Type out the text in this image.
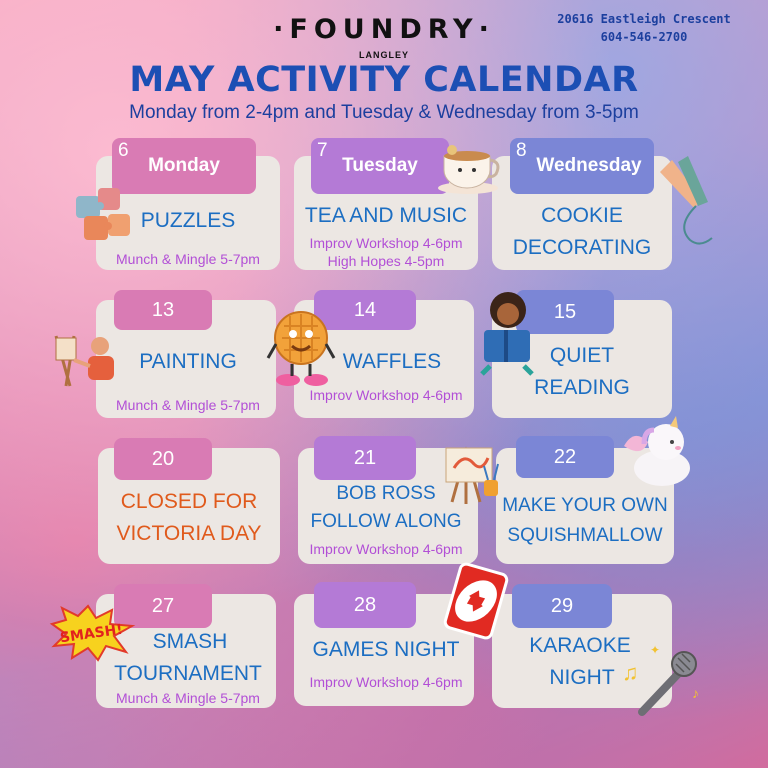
·FOUNDRY·
LANGLEY
20616 Eastleigh Crescent
604-546-2700
MAY ACTIVITY CALENDAR
Monday from 2-4pm and Tuesday & Wednesday from 3-5pm
6
Monday
PUZZLES
Munch & Mingle 5-7pm
7
Tuesday
TEA AND MUSIC
Improv Workshop 4-6pm
High Hopes 4-5pm
8
Wednesday
COOKIE
DECORATING
13
PAINTING
Munch & Mingle 5-7pm
14
WAFFLES
Improv Workshop 4-6pm
15
QUIET
READING
20
CLOSED FOR
VICTORIA DAY
21
BOB ROSS
FOLLOW ALONG
Improv Workshop 4-6pm
22
MAKE YOUR OWN
SQUISHMALLOW
27
SMASH
TOURNAMENT
Munch & Mingle 5-7pm
28
GAMES NIGHT
Improv Workshop 4-6pm
29
KARAOKE
NIGHT
SMASH!
♫
♪
✦
